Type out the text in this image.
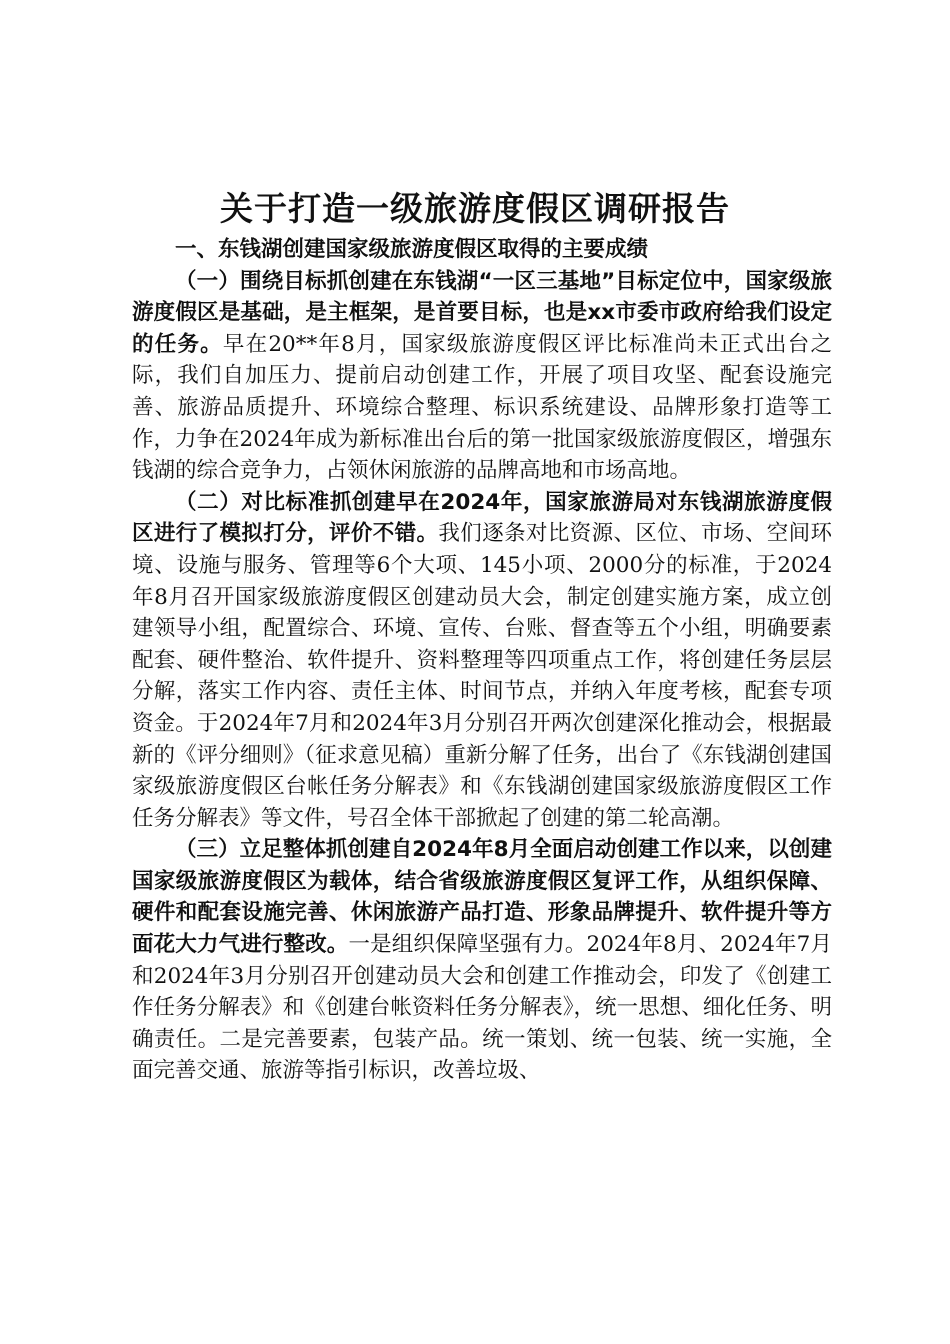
关于打造一级旅游度假区调研报告

一、东钱湖创建国家级旅游度假区取得的主要成绩

（一）围绕目标抓创建在东钱湖“一区三基地”目标定位中，国家级旅游度假区是基础，是主框架，是首要目标，也是xx市委市政府给我们设定的任务。早在20**年8月，国家级旅游度假区评比标准尚未正式出台之际，我们自加压力、提前启动创建工作，开展了项目攻坚、配套设施完善、旅游品质提升、环境综合整理、标识系统建设、品牌形象打造等工作，力争在2024年成为新标准出台后的第一批国家级旅游度假区，增强东钱湖的综合竞争力，占领休闲旅游的品牌高地和市场高地。

（二）对比标准抓创建早在2024年，国家旅游局对东钱湖旅游度假区进行了模拟打分，评价不错。我们逐条对比资源、区位、市场、空间环境、设施与服务、管理等6个大项、145小项、2000分的标准，于2024年8月召开国家级旅游度假区创建动员大会，制定创建实施方案，成立创建领导小组，配置综合、环境、宣传、台账、督查等五个小组，明确要素配套、硬件整治、软件提升、资料整理等四项重点工作，将创建任务层层分解，落实工作内容、责任主体、时间节点，并纳入年度考核，配套专项资金。于2024年7月和2024年3月分别召开两次创建深化推动会，根据最新的《评分细则》（征求意见稿）重新分解了任务，出台了《东钱湖创建国家级旅游度假区台帐任务分解表》和《东钱湖创建国家级旅游度假区工作任务分解表》等文件，号召全体干部掀起了创建的第二轮高潮。

（三）立足整体抓创建自2024年8月全面启动创建工作以来，以创建国家级旅游度假区为载体，结合省级旅游度假区复评工作，从组织保障、硬件和配套设施完善、休闲旅游产品打造、形象品牌提升、软件提升等方面花大力气进行整改。一是组织保障坚强有力。2024年8月、2024年7月和2024年3月分别召开创建动员大会和创建工作推动会，印发了《创建工作任务分解表》和《创建台帐资料任务分解表》，统一思想、细化任务、明确责任。二是完善要素，包装产品。统一策划、统一包装、统一实施，全面完善交通、旅游等指引标识，改善垃圾、
